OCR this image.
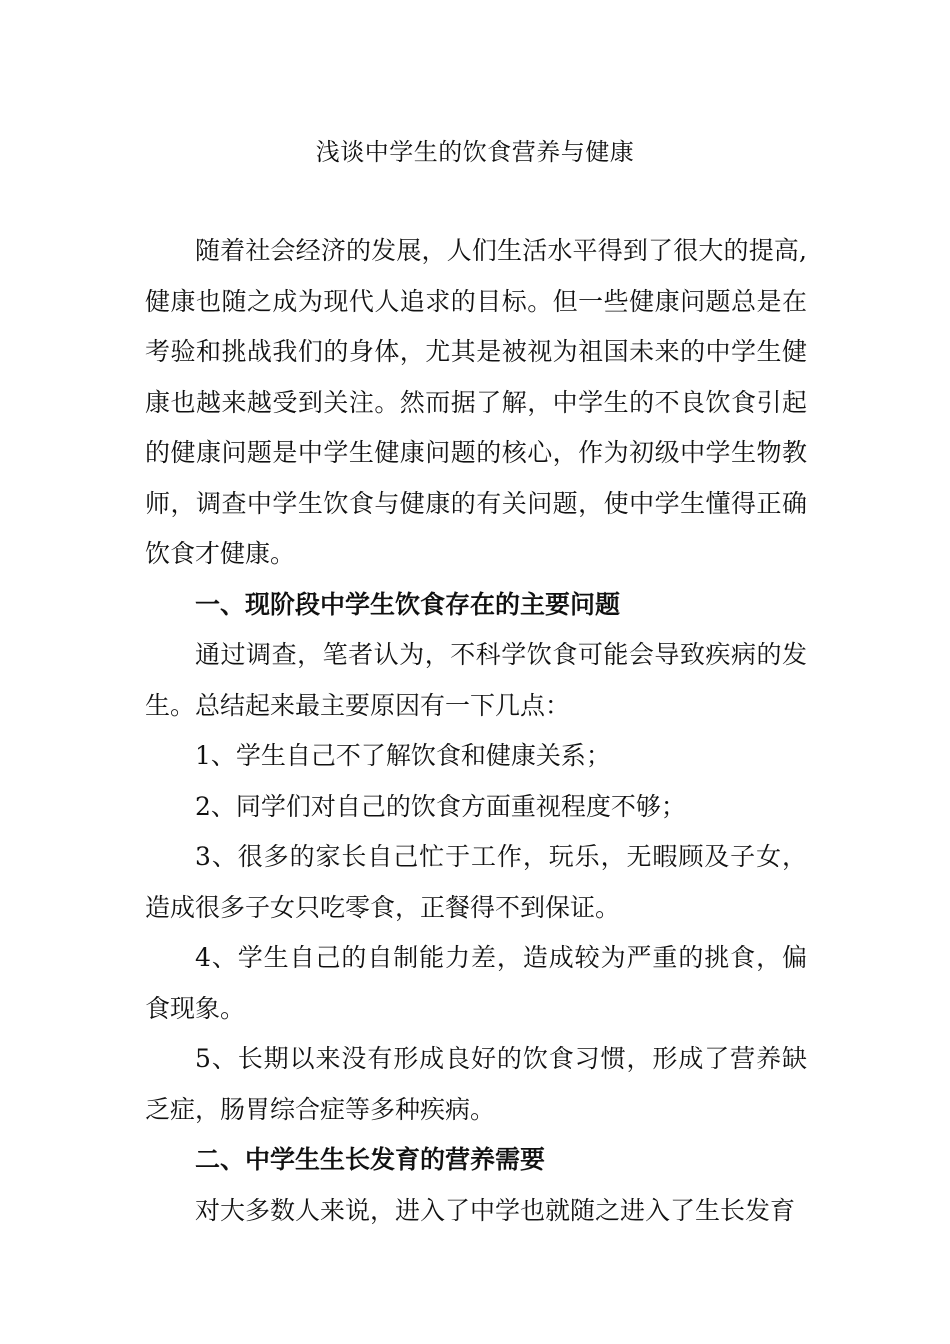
浅谈中学生的饮食营养与健康

随着社会经济的发展，人们生活水平得到了很大的提高,健康也随之成为现代人追求的目标。但一些健康问题总是在考验和挑战我们的身体，尤其是被视为祖国未来的中学生健康也越来越受到关注。然而据了解，中学生的不良饮食引起的健康问题是中学生健康问题的核心，作为初级中学生物教师，调查中学生饮食与健康的有关问题，使中学生懂得正确饮食才健康。

一、现阶段中学生饮食存在的主要问题

通过调查，笔者认为，不科学饮食可能会导致疾病的发生。总结起来最主要原因有一下几点：

1、学生自己不了解饮食和健康关系；

2、同学们对自己的饮食方面重视程度不够；

3、很多的家长自己忙于工作，玩乐，无暇顾及子女，造成很多子女只吃零食，正餐得不到保证。

4、学生自己的自制能力差，造成较为严重的挑食，偏食现象。

5、长期以来没有形成良好的饮食习惯，形成了营养缺乏症，肠胃综合症等多种疾病。

二、中学生生长发育的营养需要

对大多数人来说，进入了中学也就随之进入了生长发育
